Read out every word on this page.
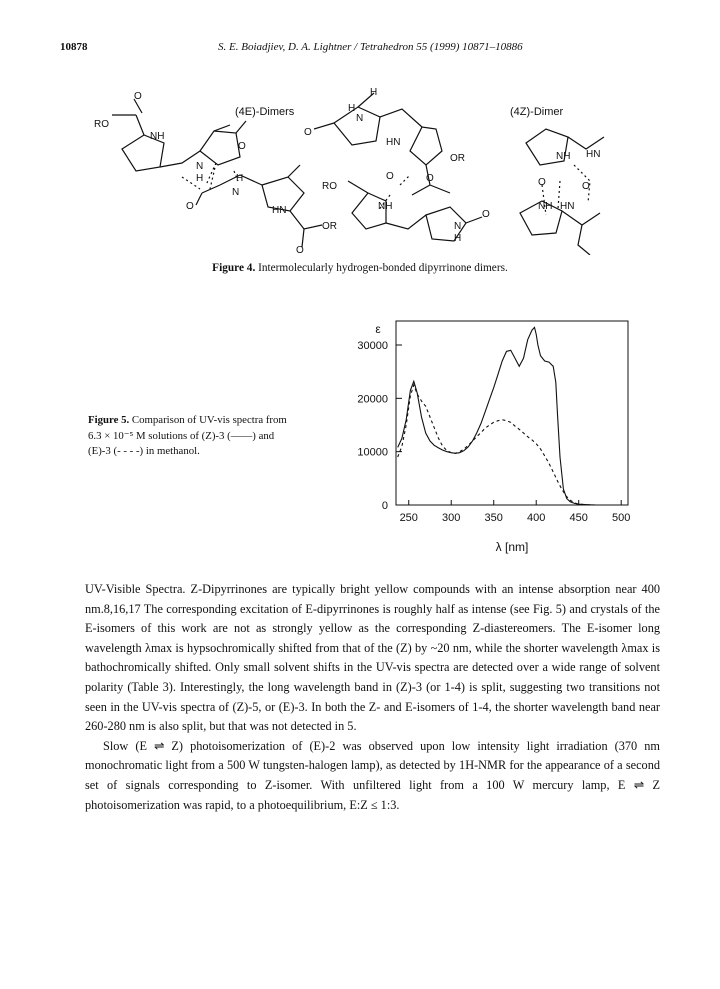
10878	S. E. Boiadjiev, D. A. Lightner / Tetrahedron 55 (1999) 10871–10886
RO
O
NH
O
N
H	H
N
O	HN
OR
O
(4E)-Dimers
H
H
N
O
HN
OR
O	O
RO
NH
O
N
H
(4Z)-Dimer
NH HN
O	O
NH HN
Figure 4. Intermolecularly hydrogen-bonded dipyrrinone dimers.
Figure 5. Comparison of UV-vis spectra from 6.3 × 10⁻⁵ M solutions of (Z)-3 (——) and (E)-3 (- - - -) in methanol.
0
10000
20000
30000
250 300 350 400 450 500
ε
λ [nm]

UV-Visible Spectra. Z-Dipyrrinones are typically bright yellow compounds with an intense absorption near 400 nm.8,16,17 The corresponding excitation of E-dipyrrinones is roughly half as intense (see Fig. 5) and crystals of the E-isomers of this work are not as strongly yellow as the corresponding Z-diastereomers. The E-isomer long wavelength λmax is hypsochromically shifted from that of the (Z) by ~20 nm, while the shorter wavelength λmax is bathochromically shifted. Only small solvent shifts in the UV-vis spectra are detected over a wide range of solvent polarity (Table 3). Interestingly, the long wavelength band in (Z)-3 (or 1-4) is split, suggesting two transitions not seen in the UV-vis spectra of (Z)-5, or (E)-3. In both the Z- and E-isomers of 1-4, the shorter wavelength band near 260-280 nm is also split, but that was not detected in 5.

Slow (E ⇌ Z) photoisomerization of (E)-2 was observed upon low intensity light irradiation (370 nm monochromatic light from a 500 W tungsten-halogen lamp), as detected by 1H-NMR for the appearance of a second set of signals corresponding to Z-isomer. With unfiltered light from a 100 W mercury lamp, E ⇌ Z photoisomerization was rapid, to a photoequilibrium, E:Z ≤ 1:3.
